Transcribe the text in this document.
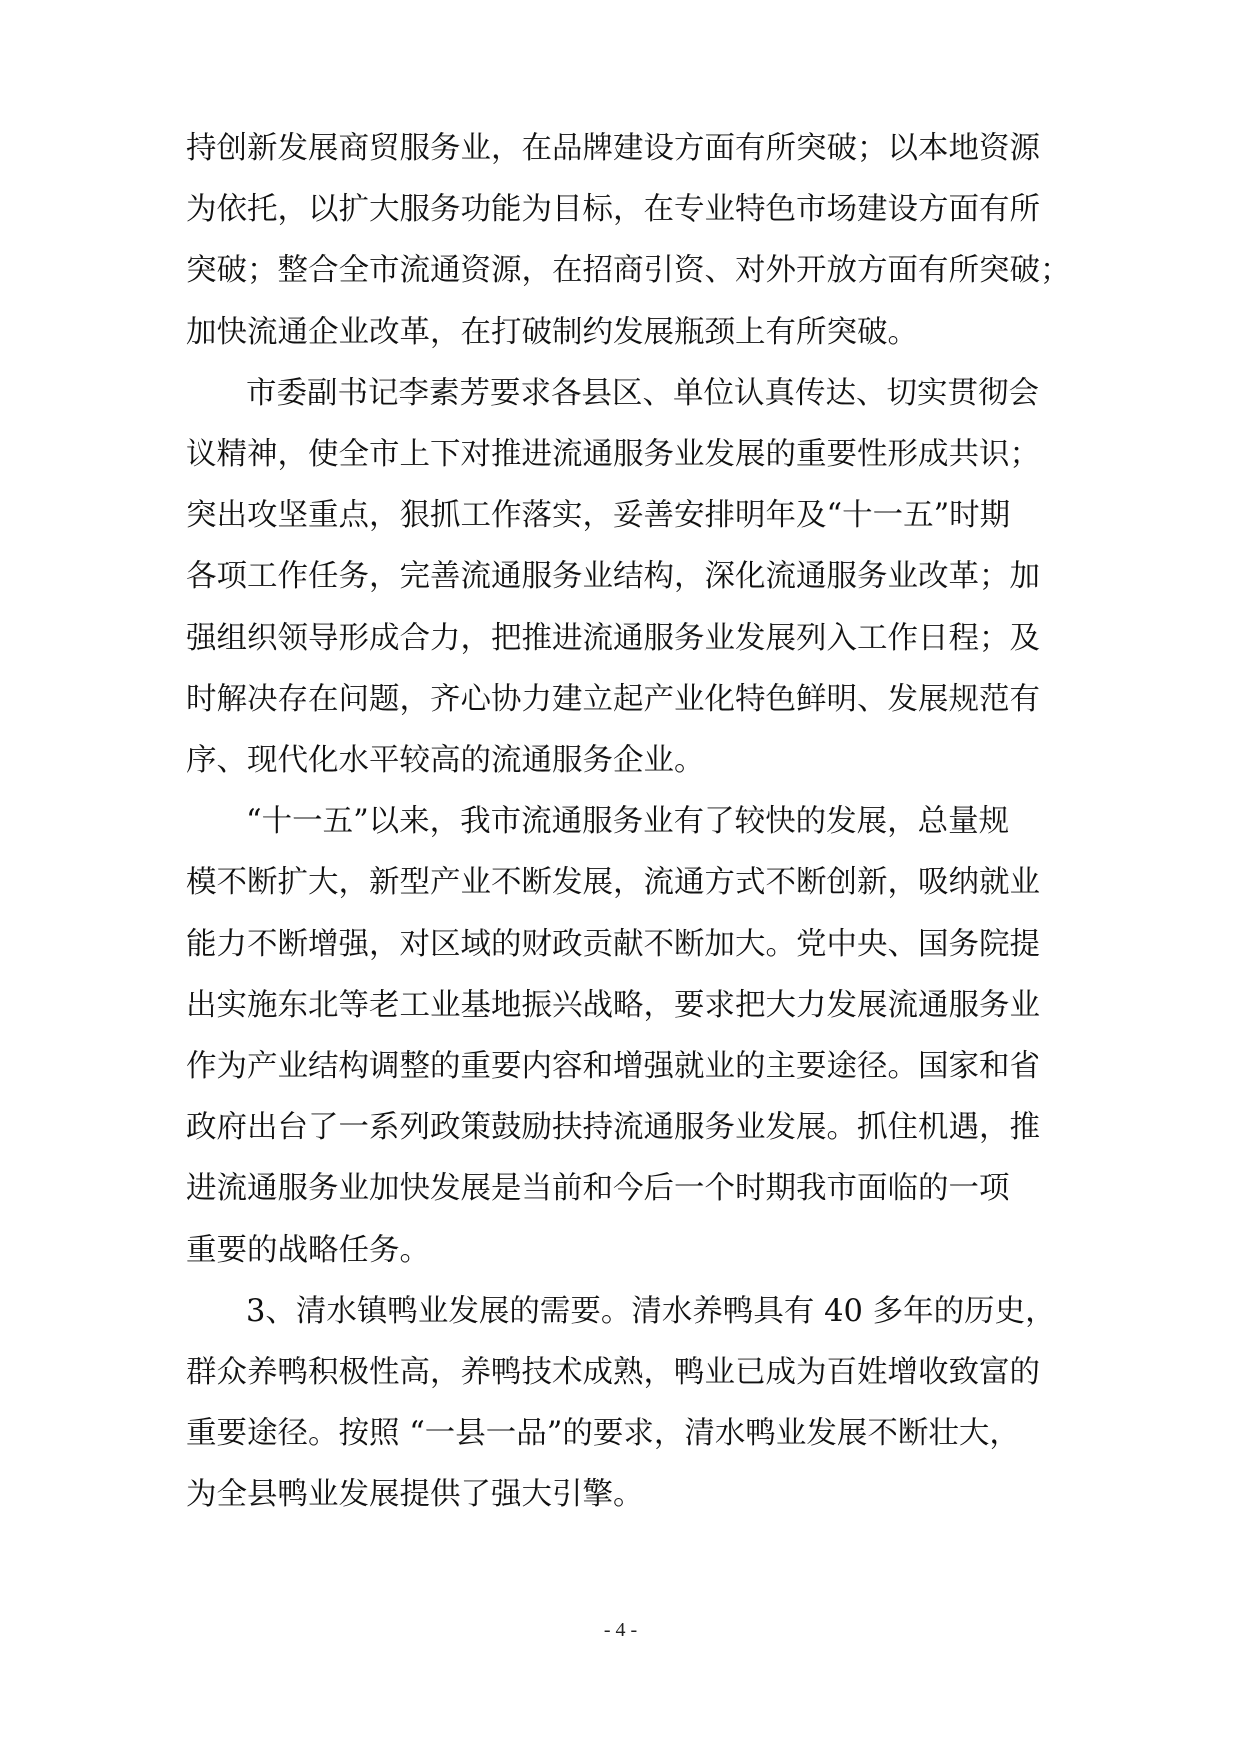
持创新发展商贸服务业，在品牌建设方面有所突破；以本地资源
为依托，以扩大服务功能为目标，在专业特色市场建设方面有所
突破；整合全市流通资源，在招商引资、对外开放方面有所突破；
加快流通企业改革，在打破制约发展瓶颈上有所突破。

市委副书记李素芳要求各县区、单位认真传达、切实贯彻会
议精神，使全市上下对推进流通服务业发展的重要性形成共识；
突出攻坚重点，狠抓工作落实，妥善安排明年及“十一五”时期
各项工作任务，完善流通服务业结构，深化流通服务业改革；加
强组织领导形成合力，把推进流通服务业发展列入工作日程；及
时解决存在问题，齐心协力建立起产业化特色鲜明、发展规范有
序、现代化水平较高的流通服务企业。

“十一五”以来，我市流通服务业有了较快的发展，总量规
模不断扩大，新型产业不断发展，流通方式不断创新，吸纳就业
能力不断增强，对区域的财政贡献不断加大。党中央、国务院提
出实施东北等老工业基地振兴战略，要求把大力发展流通服务业
作为产业结构调整的重要内容和增强就业的主要途径。国家和省
政府出台了一系列政策鼓励扶持流通服务业发展。抓住机遇，推
进流通服务业加快发展是当前和今后一个时期我市面临的一项
重要的战略任务。

3、清水镇鸭业发展的需要。清水养鸭具有 40 多年的历史，
群众养鸭积极性高，养鸭技术成熟，鸭业已成为百姓增收致富的
重要途径。按照 “一县一品”的要求，清水鸭业发展不断壮大，
为全县鸭业发展提供了强大引擎。

- 4 -
